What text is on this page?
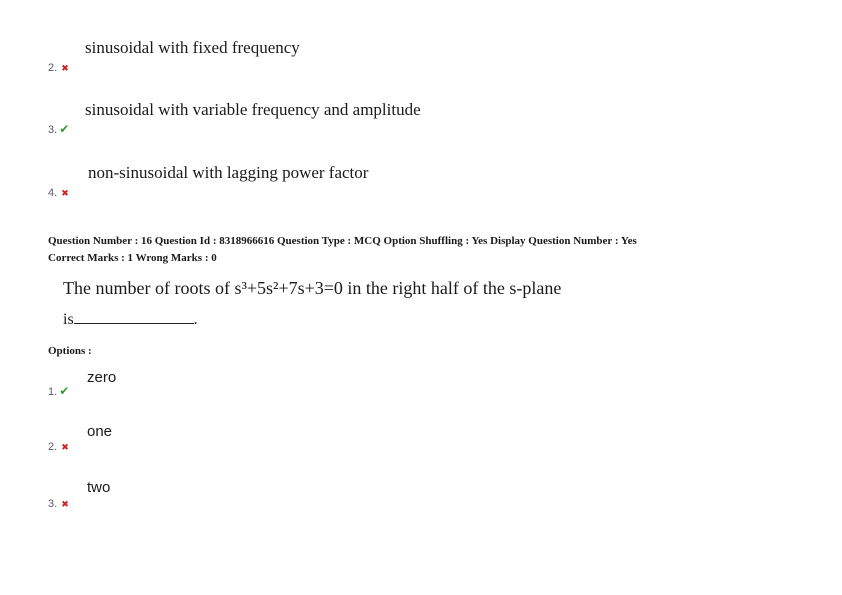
sinusoidal with fixed frequency
2. ✖
sinusoidal with variable frequency and amplitude
3. ✔
non-sinusoidal with lagging power factor
4. ✖
Question Number : 16 Question Id : 8318966616 Question Type : MCQ Option Shuffling : Yes Display Question Number : Yes
Correct Marks : 1 Wrong Marks : 0
The number of roots of s³+5s²+7s+3=0 in the right half of the s-plane
is	.
Options :
zero
1. ✔
one
2. ✖
two
3. ✖
